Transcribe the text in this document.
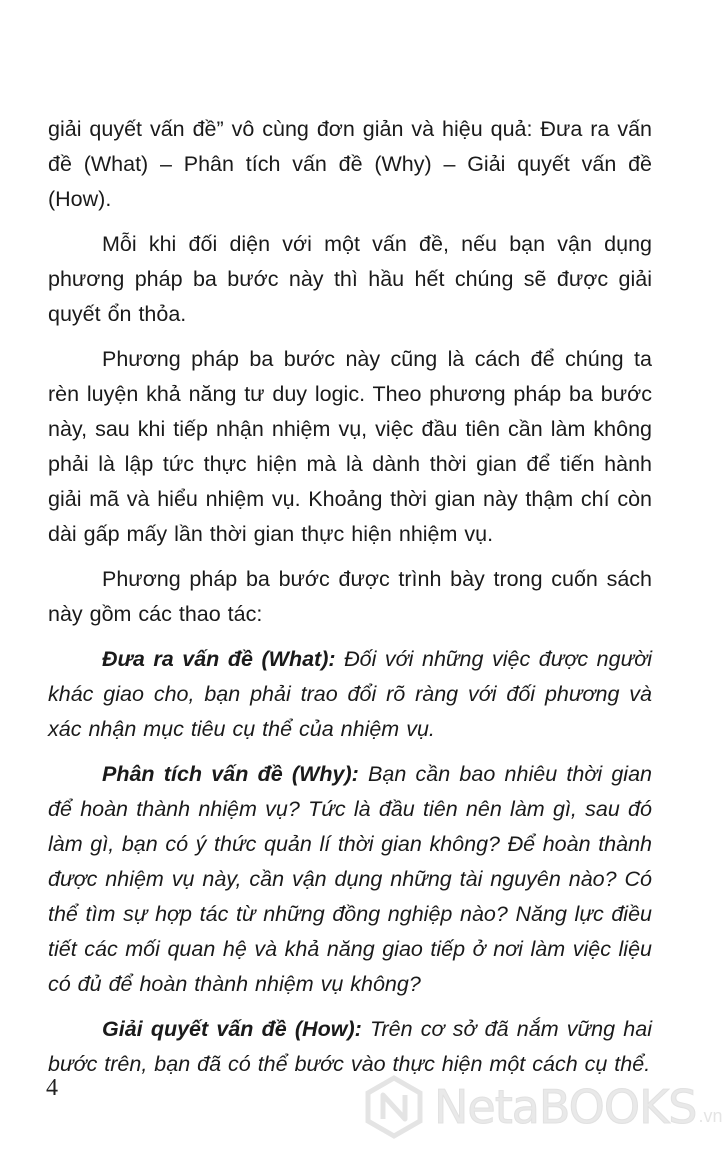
giải quyết vấn đề” vô cùng đơn giản và hiệu quả: Đưa ra vấn đề (What) – Phân tích vấn đề (Why) – Giải quyết vấn đề (How).

Mỗi khi đối diện với một vấn đề, nếu bạn vận dụng phương pháp ba bước này thì hầu hết chúng sẽ được giải quyết ổn thỏa.

Phương pháp ba bước này cũng là cách để chúng ta rèn luyện khả năng tư duy logic. Theo phương pháp ba bước này, sau khi tiếp nhận nhiệm vụ, việc đầu tiên cần làm không phải là lập tức thực hiện mà là dành thời gian để tiến hành giải mã và hiểu nhiệm vụ. Khoảng thời gian này thậm chí còn dài gấp mấy lần thời gian thực hiện nhiệm vụ.

Phương pháp ba bước được trình bày trong cuốn sách này gồm các thao tác:

Đưa ra vấn đề (What): Đối với những việc được người khác giao cho, bạn phải trao đổi rõ ràng với đối phương và xác nhận mục tiêu cụ thể của nhiệm vụ.

Phân tích vấn đề (Why): Bạn cần bao nhiêu thời gian để hoàn thành nhiệm vụ? Tức là đầu tiên nên làm gì, sau đó làm gì, bạn có ý thức quản lí thời gian không? Để hoàn thành được nhiệm vụ này, cần vận dụng những tài nguyên nào? Có thể tìm sự hợp tác từ những đồng nghiệp nào? Năng lực điều tiết các mối quan hệ và khả năng giao tiếp ở nơi làm việc liệu có đủ để hoàn thành nhiệm vụ không?

Giải quyết vấn đề (How): Trên cơ sở đã nắm vững hai bước trên, bạn đã có thể bước vào thực hiện một cách cụ thể.

4	NetaBOOKS .vn
